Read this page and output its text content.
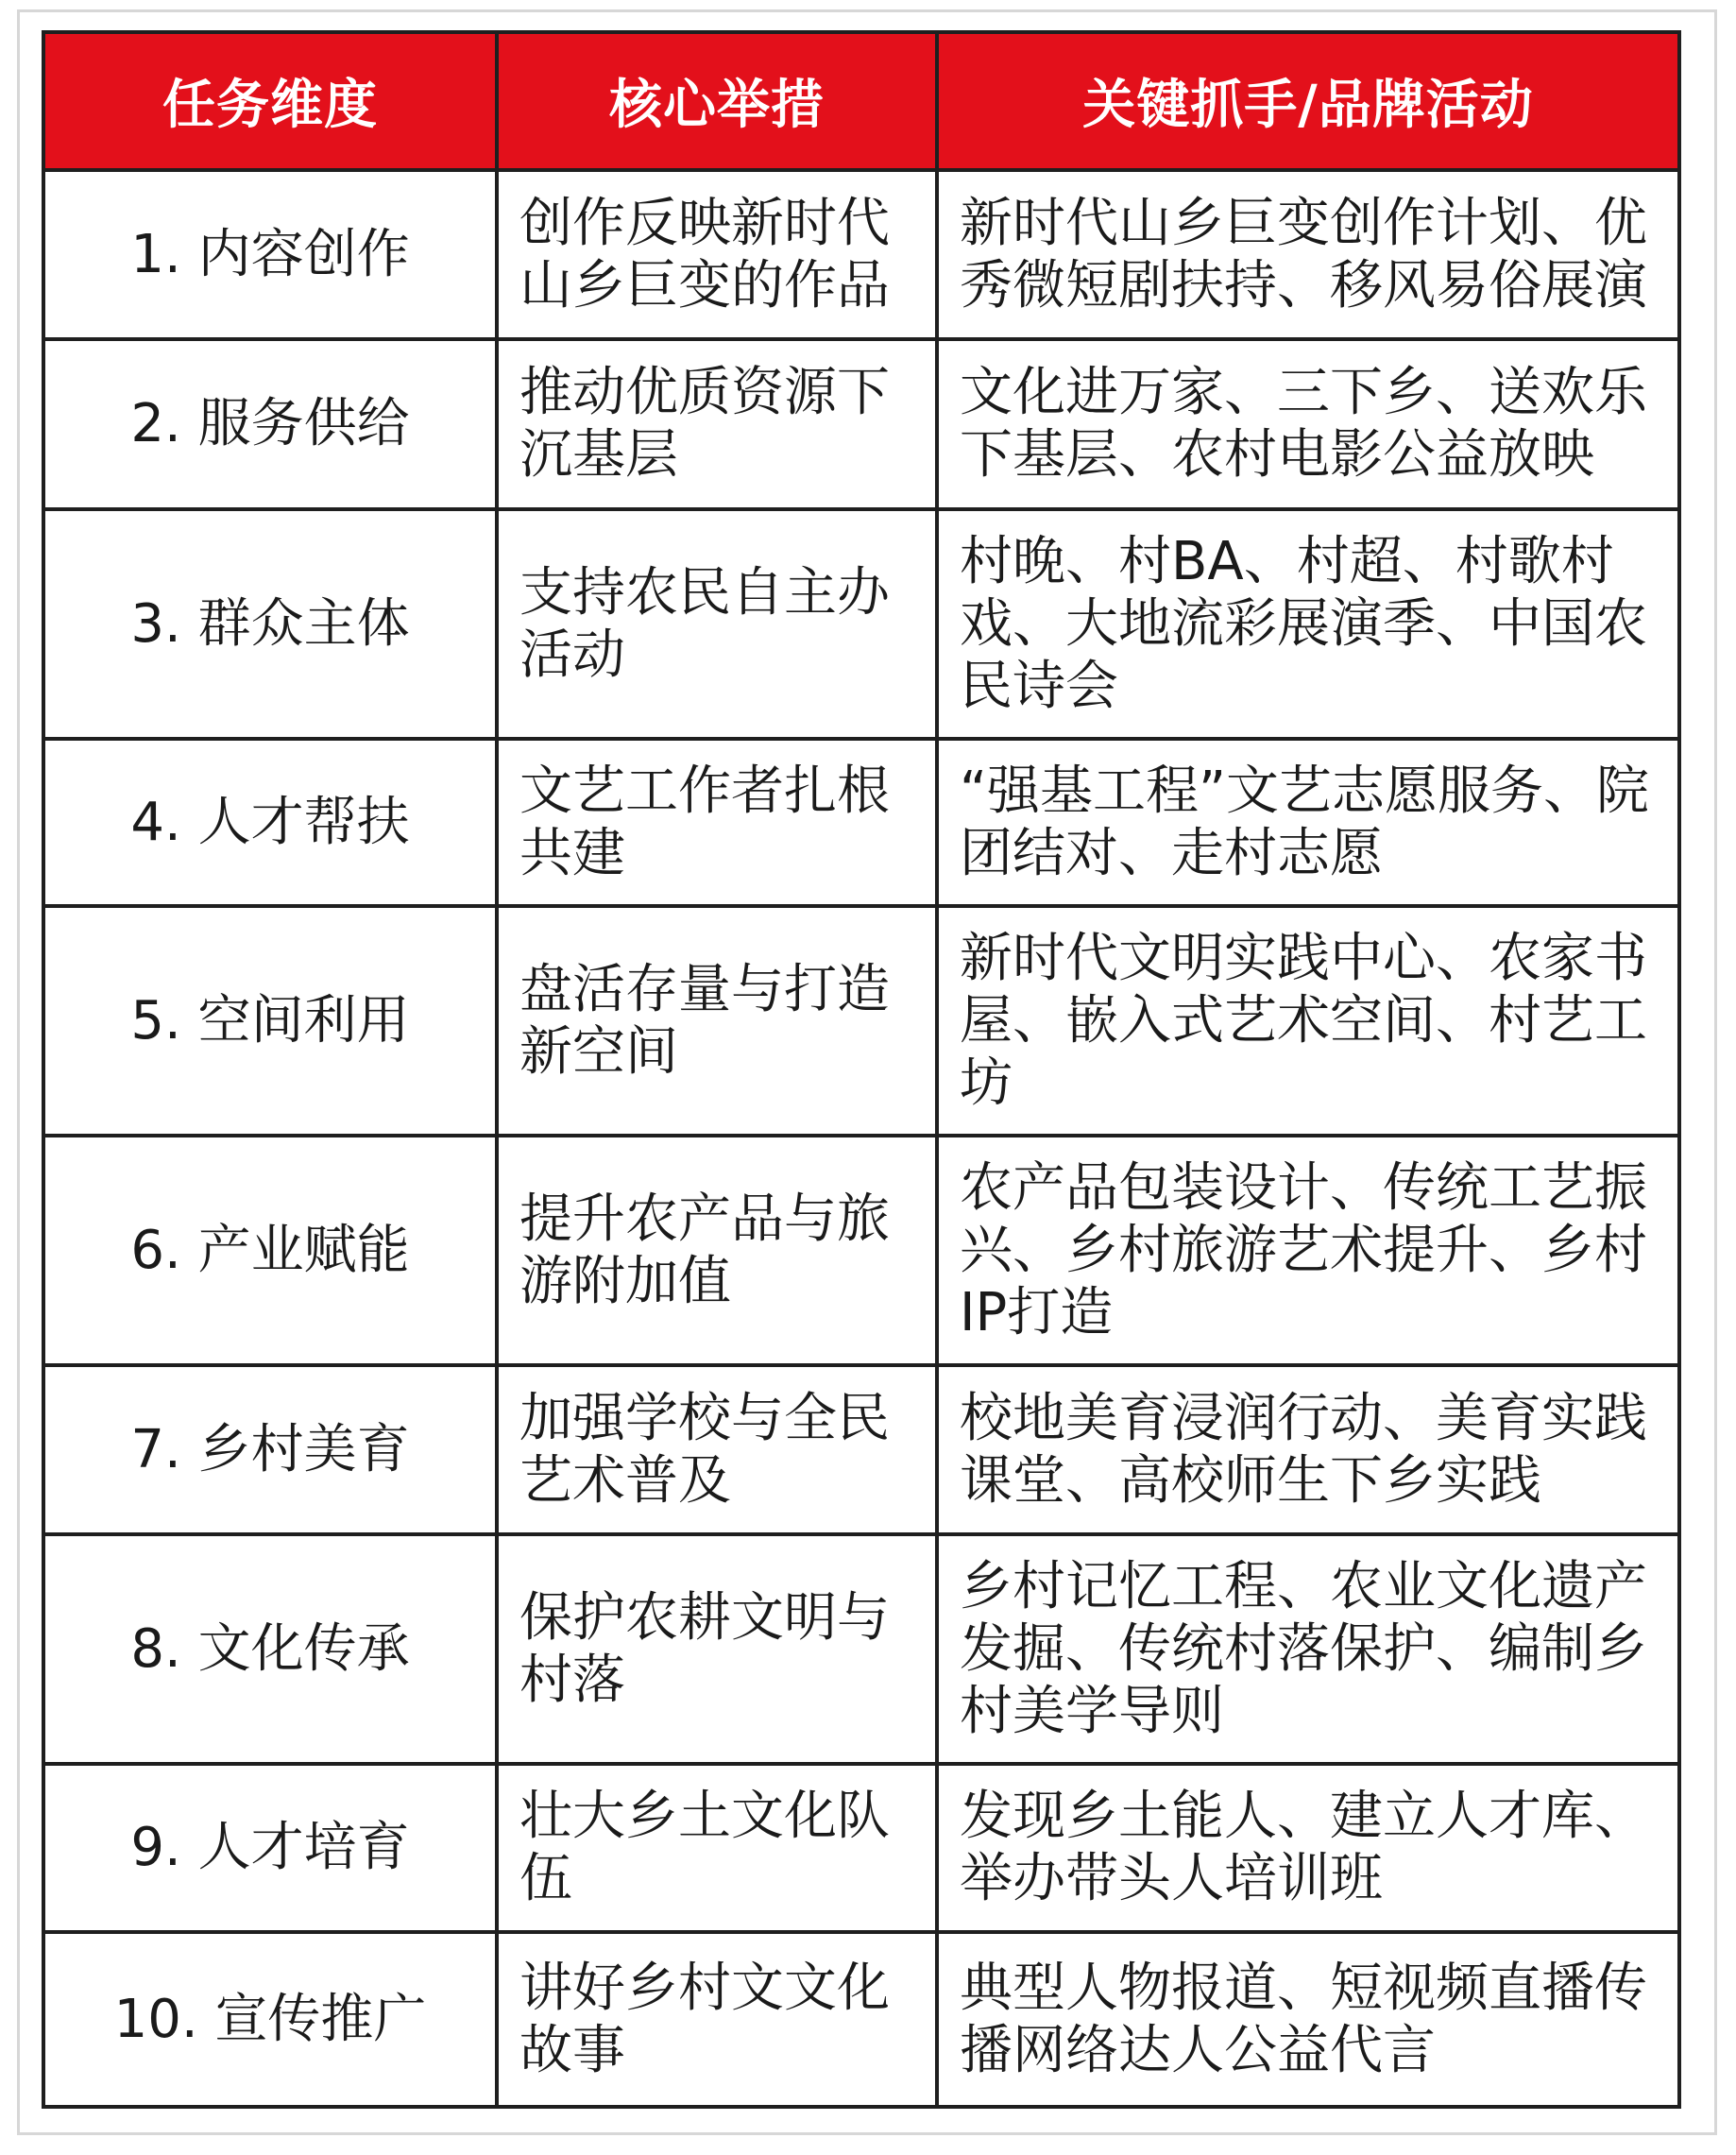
任务维度	核心举措	关键抓手/品牌活动
1. 内容创作	创作反映新时代山乡巨变的作品	新时代山乡巨变创作计划、优秀微短剧扶持、移风易俗展演
2. 服务供给	推动优质资源下沉基层	文化进万家、三下乡、送欢乐下基层、农村电影公益放映
3. 群众主体	支持农民自主办活动	村晚、村BA、村超、村歌村戏、大地流彩展演季、中国农民诗会
4. 人才帮扶	文艺工作者扎根共建	“强基工程”文艺志愿服务、院团结对、走村志愿
5. 空间利用	盘活存量与打造新空间	新时代文明实践中心、农家书屋、嵌入式艺术空间、村艺工坊
6. 产业赋能	提升农产品与旅游附加值	农产品包装设计、传统工艺振兴、乡村旅游艺术提升、乡村IP打造
7. 乡村美育	加强学校与全民艺术普及	校地美育浸润行动、美育实践课堂、高校师生下乡实践
8. 文化传承	保护农耕文明与村落	乡村记忆工程、农业文化遗产发掘、传统村落保护、编制乡村美学导则
9. 人才培育	壮大乡土文化队伍	发现乡土能人、建立人才库、举办带头人培训班
10. 宣传推广	讲好乡村文文化故事	典型人物报道、短视频直播传播网络达人公益代言
